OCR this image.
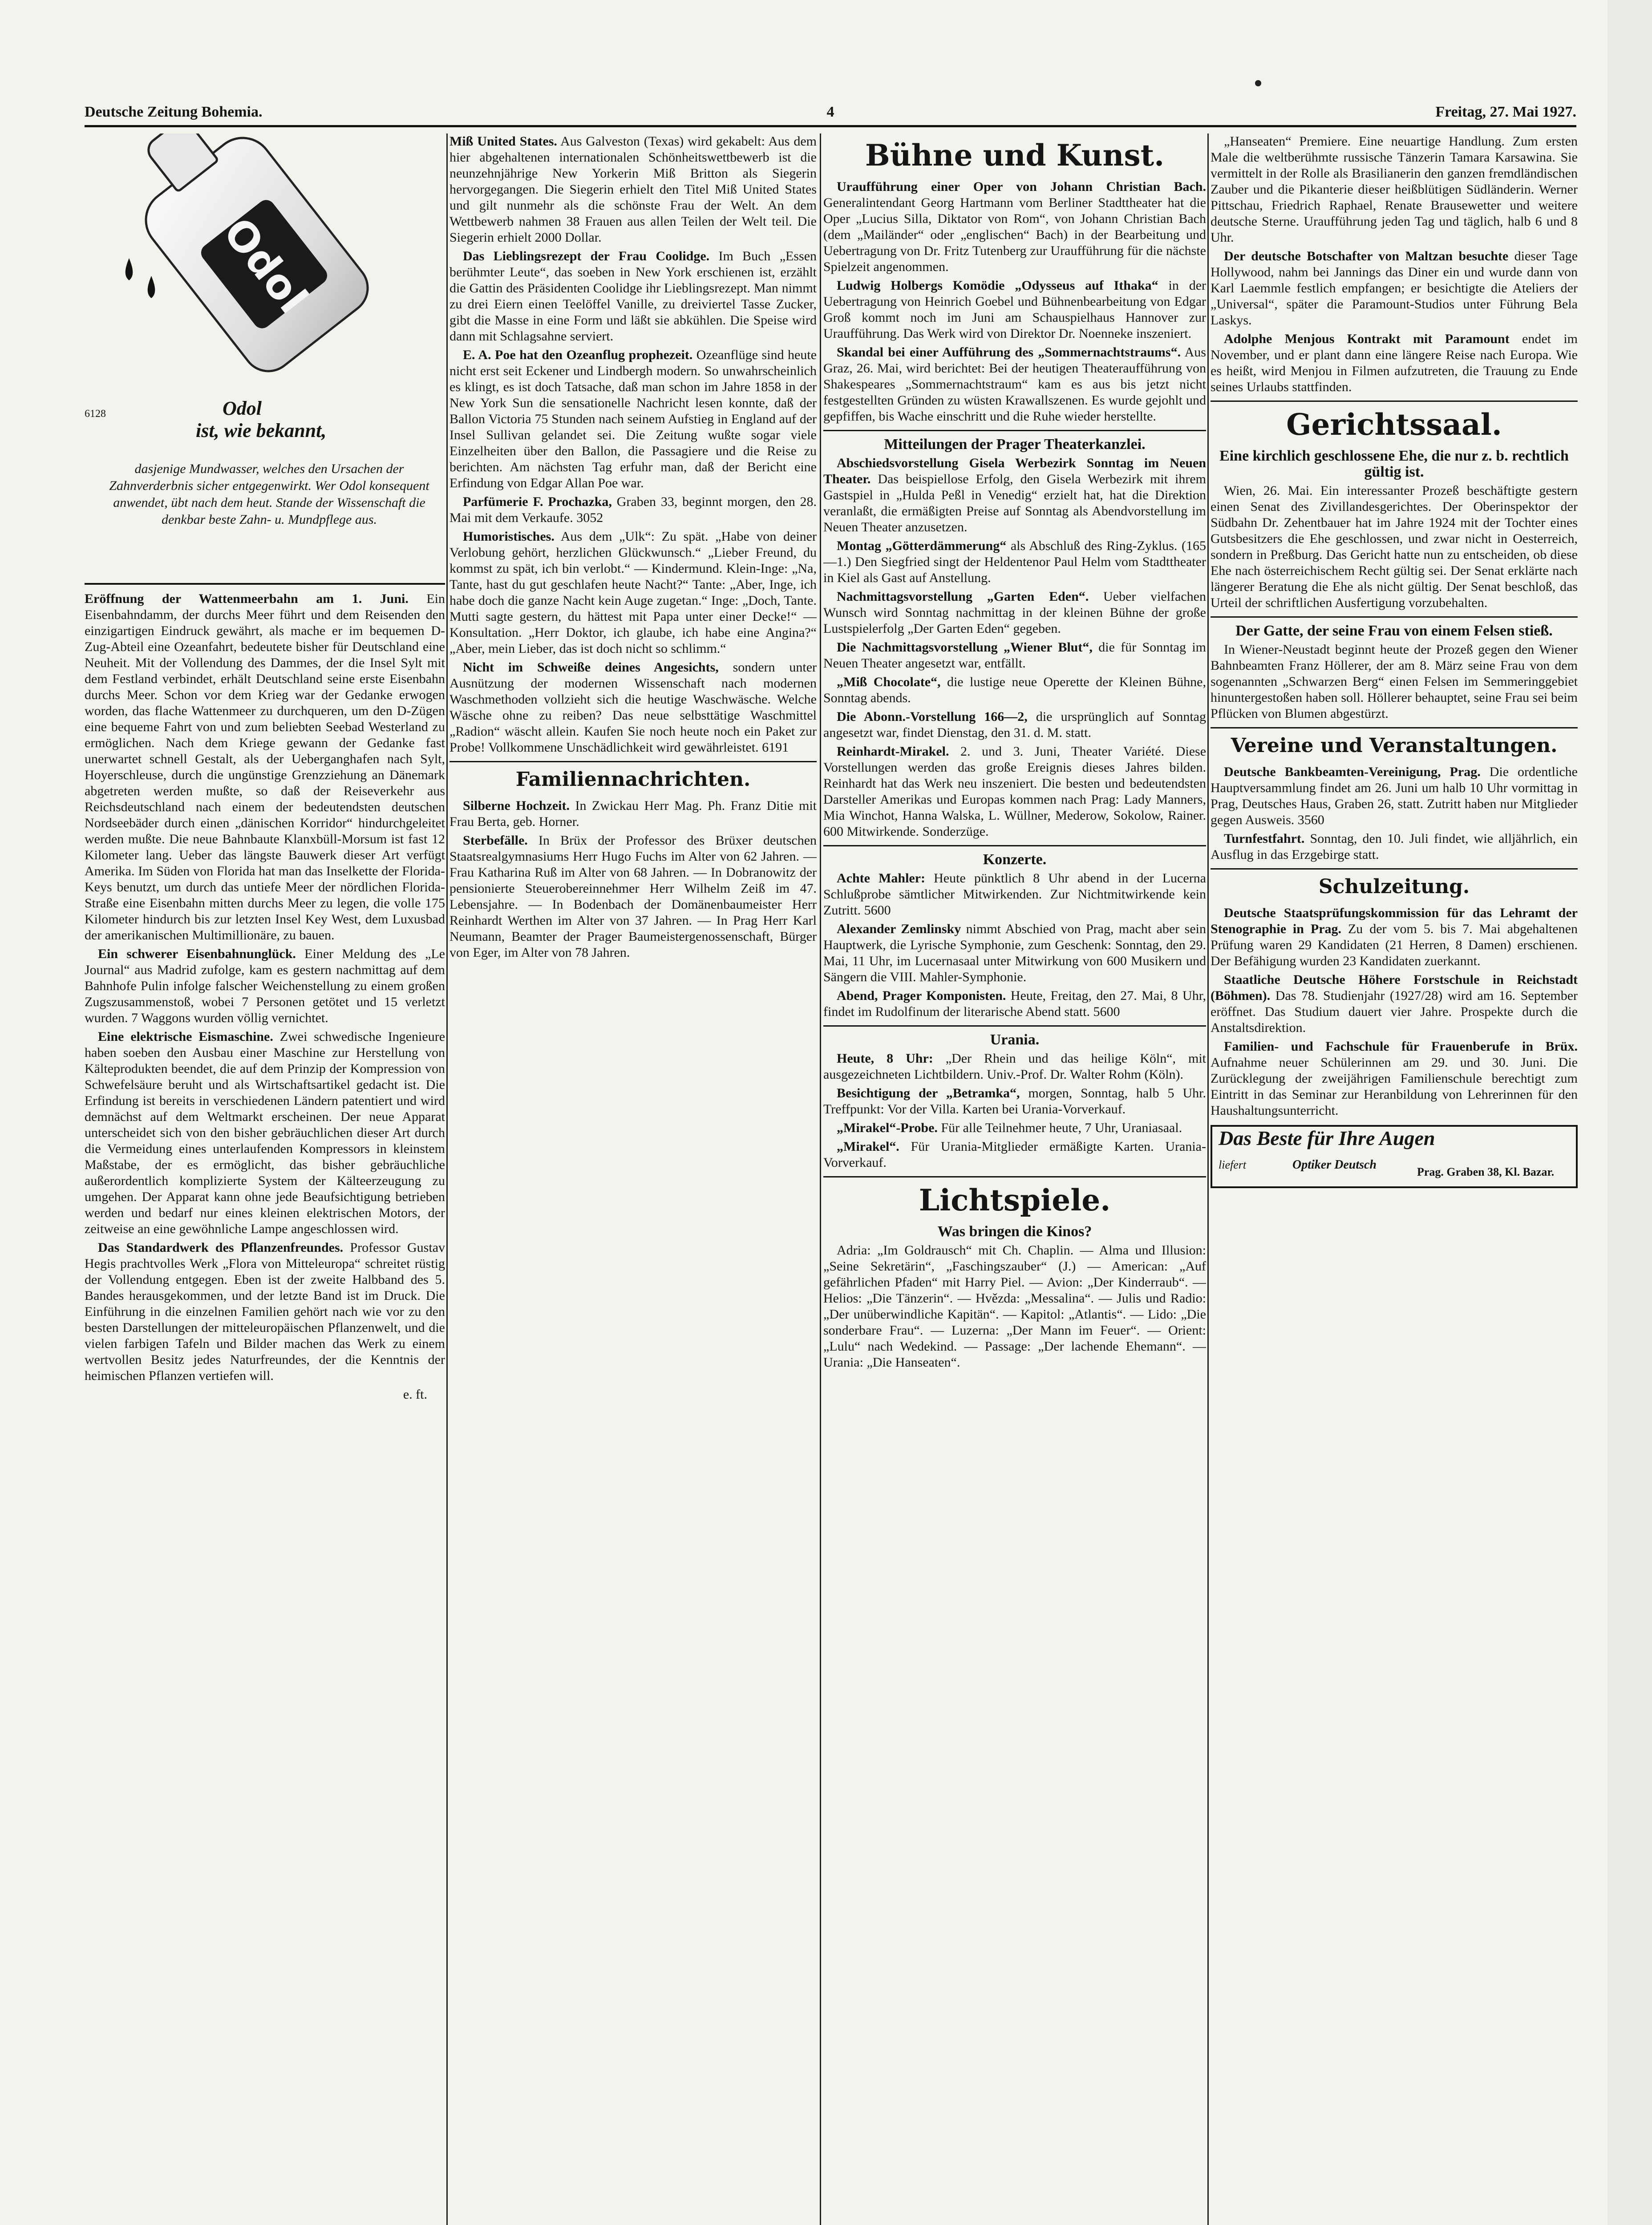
Deutsche Zeitung Bohemia.	4	Freitag, 27. Mai 1927.
Odol
6128	Odol
ist, wie bekannt,
dasjenige Mundwasser, welches den Ursachen der Zahnverderbnis sicher entgegenwirkt. Wer Odol konsequent anwendet, übt nach dem heut. Stande der Wissenschaft die denkbar beste Zahn- u. Mundpflege aus.

Eröffnung der Wattenmeerbahn am 1. Juni. Ein Eisenbahndamm, der durchs Meer führt und dem Reisenden den einzigartigen Eindruck gewährt, als mache er im bequemen D-Zug-Abteil eine Ozeanfahrt, bedeutete bisher für Deutschland eine Neuheit. Mit der Vollendung des Dammes, der die Insel Sylt mit dem Festland verbindet, erhält Deutschland seine erste Eisenbahn durchs Meer. Schon vor dem Krieg war der Gedanke erwogen worden, das flache Wattenmeer zu durchqueren, um den D-Zügen eine bequeme Fahrt von und zum beliebten Seebad Westerland zu ermöglichen. Nach dem Kriege gewann der Gedanke fast unerwartet schnell Gestalt, als der Ueberganghafen nach Sylt, Hoyerschleuse, durch die ungünstige Grenzziehung an Dänemark abgetreten werden mußte, so daß der Reiseverkehr aus Reichsdeutschland nach einem der bedeutendsten deutschen Nordseebäder durch einen „dänischen Korridor“ hindurchgeleitet werden mußte. Die neue Bahnbaute Klanxbüll-Morsum ist fast 12 Kilometer lang. Ueber das längste Bauwerk dieser Art verfügt Amerika. Im Süden von Florida hat man das Inselkette der Florida-Keys benutzt, um durch das untiefe Meer der nördlichen Florida-Straße eine Eisenbahn mitten durchs Meer zu legen, die volle 175 Kilometer hindurch bis zur letzten Insel Key West, dem Luxusbad der amerikanischen Multimillionäre, zu bauen.

Ein schwerer Eisenbahnunglück. Einer Meldung des „Le Journal“ aus Madrid zufolge, kam es gestern nachmittag auf dem Bahnhofe Pulin infolge falscher Weichenstellung zu einem großen Zugszusammenstoß, wobei 7 Personen getötet und 15 verletzt wurden. 7 Waggons wurden völlig vernichtet.

Eine elektrische Eismaschine. Zwei schwedische Ingenieure haben soeben den Ausbau einer Maschine zur Herstellung von Kälteprodukten beendet, die auf dem Prinzip der Kompression von Schwefelsäure beruht und als Wirtschaftsartikel gedacht ist. Die Erfindung ist bereits in verschiedenen Ländern patentiert und wird demnächst auf dem Weltmarkt erscheinen. Der neue Apparat unterscheidet sich von den bisher gebräuchlichen dieser Art durch die Vermeidung eines unterlaufenden Kompressors in kleinstem Maßstabe, der es ermöglicht, das bisher gebräuchliche außerordentlich komplizierte System der Kälteerzeugung zu umgehen. Der Apparat kann ohne jede Beaufsichtigung betrieben werden und bedarf nur eines kleinen elektrischen Motors, der zeitweise an eine gewöhnliche Lampe angeschlossen wird.

Das Standardwerk des Pflanzenfreundes. Professor Gustav Hegis prachtvolles Werk „Flora von Mitteleuropa“ schreitet rüstig der Vollendung entgegen. Eben ist der zweite Halbband des 5. Bandes herausgekommen, und der letzte Band ist im Druck. Die Einführung in die einzelnen Familien gehört nach wie vor zu den besten Darstellungen der mitteleuropäischen Pflanzenwelt, und die vielen farbigen Tafeln und Bilder machen das Werk zu einem wertvollen Besitz jedes Naturfreundes, der die Kenntnis der heimischen Pflanzen vertiefen will.

e. ft.

Miß United States. Aus Galveston (Texas) wird gekabelt: Aus dem hier abgehaltenen internationalen Schönheitswettbewerb ist die neunzehnjährige New Yorkerin Miß Britton als Siegerin hervorgegangen. Die Siegerin erhielt den Titel Miß United States und gilt nunmehr als die schönste Frau der Welt. An dem Wettbewerb nahmen 38 Frauen aus allen Teilen der Welt teil. Die Siegerin erhielt 2000 Dollar.

Das Lieblingsrezept der Frau Coolidge. Im Buch „Essen berühmter Leute“, das soeben in New York erschienen ist, erzählt die Gattin des Präsidenten Coolidge ihr Lieblingsrezept. Man nimmt zu drei Eiern einen Teelöffel Vanille, zu dreiviertel Tasse Zucker, gibt die Masse in eine Form und läßt sie abkühlen. Die Speise wird dann mit Schlagsahne serviert.

E. A. Poe hat den Ozeanflug prophezeit. Ozeanflüge sind heute nicht erst seit Eckener und Lindbergh modern. So unwahrscheinlich es klingt, es ist doch Tatsache, daß man schon im Jahre 1858 in der New York Sun die sensationelle Nachricht lesen konnte, daß der Ballon Victoria 75 Stunden nach seinem Aufstieg in England auf der Insel Sullivan gelandet sei. Die Zeitung wußte sogar viele Einzelheiten über den Ballon, die Passagiere und die Reise zu berichten. Am nächsten Tag erfuhr man, daß der Bericht eine Erfindung von Edgar Allan Poe war.

Parfümerie F. Prochazka, Graben 33, beginnt morgen, den 28. Mai mit dem Verkaufe. 3052

Humoristisches. Aus dem „Ulk“: Zu spät. „Habe von deiner Verlobung gehört, herzlichen Glückwunsch.“ „Lieber Freund, du kommst zu spät, ich bin verlobt.“ — Kindermund. Klein-Inge: „Na, Tante, hast du gut geschlafen heute Nacht?“ Tante: „Aber, Inge, ich habe doch die ganze Nacht kein Auge zugetan.“ Inge: „Doch, Tante. Mutti sagte gestern, du hättest mit Papa unter einer Decke!“ — Konsultation. „Herr Doktor, ich glaube, ich habe eine Angina?“ „Aber, mein Lieber, das ist doch nicht so schlimm.“

Nicht im Schweiße deines Angesichts, sondern unter Ausnützung der modernen Wissenschaft nach modernen Waschmethoden vollzieht sich die heutige Waschwäsche. Welche Wäsche ohne zu reiben? Das neue selbsttätige Waschmittel „Radion“ wäscht allein. Kaufen Sie noch heute noch ein Paket zur Probe! Vollkommene Unschädlichkeit wird gewährleistet. 6191

Familiennachrichten.

Silberne Hochzeit. In Zwickau Herr Mag. Ph. Franz Ditie mit Frau Berta, geb. Horner.

Sterbefälle. In Brüx der Professor des Brüxer deutschen Staatsrealgymnasiums Herr Hugo Fuchs im Alter von 62 Jahren. — Frau Katharina Ruß im Alter von 68 Jahren. — In Dobranowitz der pensionierte Steuerobereinnehmer Herr Wilhelm Zeiß im 47. Lebensjahre. — In Bodenbach der Domänenbaumeister Herr Reinhardt Werthen im Alter von 37 Jahren. — In Prag Herr Karl Neumann, Beamter der Prager Baumeistergenossenschaft, Bürger von Eger, im Alter von 78 Jahren.

Bühne und Kunst.

Uraufführung einer Oper von Johann Christian Bach. Generalintendant Georg Hartmann vom Berliner Stadttheater hat die Oper „Lucius Silla, Diktator von Rom“, von Johann Christian Bach (dem „Mailänder“ oder „englischen“ Bach) in der Bearbeitung und Uebertragung von Dr. Fritz Tutenberg zur Uraufführung für die nächste Spielzeit angenommen.

Ludwig Holbergs Komödie „Odysseus auf Ithaka“ in der Uebertragung von Heinrich Goebel und Bühnenbearbeitung von Edgar Groß kommt noch im Juni am Schauspielhaus Hannover zur Uraufführung. Das Werk wird von Direktor Dr. Noenneke inszeniert.

Skandal bei einer Aufführung des „Sommernachtstraums“. Aus Graz, 26. Mai, wird berichtet: Bei der heutigen Theateraufführung von Shakespeares „Sommernachtstraum“ kam es aus bis jetzt nicht festgestellten Gründen zu wüsten Krawallszenen. Es wurde gejohlt und gepfiffen, bis Wache einschritt und die Ruhe wieder herstellte.

Mitteilungen der Prager Theaterkanzlei.

Abschiedsvorstellung Gisela Werbezirk Sonntag im Neuen Theater. Das beispiellose Erfolg, den Gisela Werbezirk mit ihrem Gastspiel in „Hulda Peßl in Venedig“ erzielt hat, hat die Direktion veranlaßt, die ermäßigten Preise auf Sonntag als Abendvorstellung im Neuen Theater anzusetzen.

Montag „Götterdämmerung“ als Abschluß des Ring-Zyklus. (165—1.) Den Siegfried singt der Heldentenor Paul Helm vom Stadttheater in Kiel als Gast auf Anstellung.

Nachmittagsvorstellung „Garten Eden“. Ueber vielfachen Wunsch wird Sonntag nachmittag in der kleinen Bühne der große Lustspielerfolg „Der Garten Eden“ gegeben.

Die Nachmittagsvorstellung „Wiener Blut“, die für Sonntag im Neuen Theater angesetzt war, entfällt.

„Miß Chocolate“, die lustige neue Operette der Kleinen Bühne, Sonntag abends.

Die Abonn.-Vorstellung 166—2, die ursprünglich auf Sonntag angesetzt war, findet Dienstag, den 31. d. M. statt.

Reinhardt-Mirakel. 2. und 3. Juni, Theater Variété. Diese Vorstellungen werden das große Ereignis dieses Jahres bilden. Reinhardt hat das Werk neu inszeniert. Die besten und bedeutendsten Darsteller Amerikas und Europas kommen nach Prag: Lady Manners, Mia Winchot, Hanna Walska, L. Wüllner, Mederow, Sokolow, Rainer. 600 Mitwirkende. Sonderzüge.

Konzerte.

Achte Mahler: Heute pünktlich 8 Uhr abend in der Lucerna Schlußprobe sämtlicher Mitwirkenden. Zur Nichtmitwirkende kein Zutritt. 5600

Alexander Zemlinsky nimmt Abschied von Prag, macht aber sein Hauptwerk, die Lyrische Symphonie, zum Geschenk: Sonntag, den 29. Mai, 11 Uhr, im Lucernasaal unter Mitwirkung von 600 Musikern und Sängern die VIII. Mahler-Symphonie.

Abend, Prager Komponisten. Heute, Freitag, den 27. Mai, 8 Uhr, findet im Rudolfinum der literarische Abend statt. 5600

Urania.

Heute, 8 Uhr: „Der Rhein und das heilige Köln“, mit ausgezeichneten Lichtbildern. Univ.-Prof. Dr. Walter Rohm (Köln).

Besichtigung der „Betramka“, morgen, Sonntag, halb 5 Uhr. Treffpunkt: Vor der Villa. Karten bei Urania-Vorverkauf.

„Mirakel“-Probe. Für alle Teilnehmer heute, 7 Uhr, Uraniasaal.

„Mirakel“. Für Urania-Mitglieder ermäßigte Karten. Urania-Vorverkauf.

Lichtspiele.
Was bringen die Kinos?

Adria: „Im Goldrausch“ mit Ch. Chaplin. — Alma und Illusion: „Seine Sekretärin“, „Faschingszauber“ (J.) — American: „Auf gefährlichen Pfaden“ mit Harry Piel. — Avion: „Der Kinderraub“. — Helios: „Die Tänzerin“. — Hvězda: „Messalina“. — Julis und Radio: „Der unüberwindliche Kapitän“. — Kapitol: „Atlantis“. — Lido: „Die sonderbare Frau“. — Luzerna: „Der Mann im Feuer“. — Orient: „Lulu“ nach Wedekind. — Passage: „Der lachende Ehemann“. — Urania: „Die Hanseaten“.

„Hanseaten“ Premiere. Eine neuartige Handlung. Zum ersten Male die weltberühmte russische Tänzerin Tamara Karsawina. Sie vermittelt in der Rolle als Brasilianerin den ganzen fremdländischen Zauber und die Pikanterie dieser heißblütigen Südländerin. Werner Pittschau, Friedrich Raphael, Renate Brausewetter und weitere deutsche Sterne. Uraufführung jeden Tag und täglich, halb 6 und 8 Uhr.

Der deutsche Botschafter von Maltzan besuchte dieser Tage Hollywood, nahm bei Jannings das Diner ein und wurde dann von Karl Laemmle festlich empfangen; er besichtigte die Ateliers der „Universal“, später die Paramount-Studios unter Führung Bela Laskys.

Adolphe Menjous Kontrakt mit Paramount endet im November, und er plant dann eine längere Reise nach Europa. Wie es heißt, wird Menjou in Filmen aufzutreten, die Trauung zu Ende seines Urlaubs stattfinden.

Gerichtssaal.
Eine kirchlich geschlossene Ehe, die nur z. b. rechtlich gültig ist.

Wien, 26. Mai. Ein interessanter Prozeß beschäftigte gestern einen Senat des Zivillandesgerichtes. Der Oberinspektor der Südbahn Dr. Zehentbauer hat im Jahre 1924 mit der Tochter eines Gutsbesitzers die Ehe geschlossen, und zwar nicht in Oesterreich, sondern in Preßburg. Das Gericht hatte nun zu entscheiden, ob diese Ehe nach österreichischem Recht gültig sei. Der Senat erklärte nach längerer Beratung die Ehe als nicht gültig. Der Senat beschloß, das Urteil der schriftlichen Ausfertigung vorzubehalten.

Der Gatte, der seine Frau von einem Felsen stieß.

In Wiener-Neustadt beginnt heute der Prozeß gegen den Wiener Bahnbeamten Franz Höllerer, der am 8. März seine Frau von dem sogenannten „Schwarzen Berg“ einen Felsen im Semmeringgebiet hinuntergestoßen haben soll. Höllerer behauptet, seine Frau sei beim Pflücken von Blumen abgestürzt.

Vereine und Veranstaltungen.

Deutsche Bankbeamten-Vereinigung, Prag. Die ordentliche Hauptversammlung findet am 26. Juni um halb 10 Uhr vormittag in Prag, Deutsches Haus, Graben 26, statt. Zutritt haben nur Mitglieder gegen Ausweis. 3560

Turnfestfahrt. Sonntag, den 10. Juli findet, wie alljährlich, ein Ausflug in das Erzgebirge statt.

Schulzeitung.

Deutsche Staatsprüfungskommission für das Lehramt der Stenographie in Prag. Zu der vom 5. bis 7. Mai abgehaltenen Prüfung waren 29 Kandidaten (21 Herren, 8 Damen) erschienen. Der Befähigung wurden 23 Kandidaten zuerkannt.

Staatliche Deutsche Höhere Forstschule in Reichstadt (Böhmen). Das 78. Studienjahr (1927/28) wird am 16. September eröffnet. Das Studium dauert vier Jahre. Prospekte durch die Anstaltsdirektion.

Familien- und Fachschule für Frauenberufe in Brüx. Aufnahme neuer Schülerinnen am 29. und 30. Juni. Die Zurücklegung der zweijährigen Familienschule berechtigt zum Eintritt in das Seminar zur Heranbildung von Lehrerinnen für den Haushaltungsunterricht.

Das Beste für Ihre Augen
liefert	Optiker Deutsch
Prag. Graben 38, Kl. Bazar.
